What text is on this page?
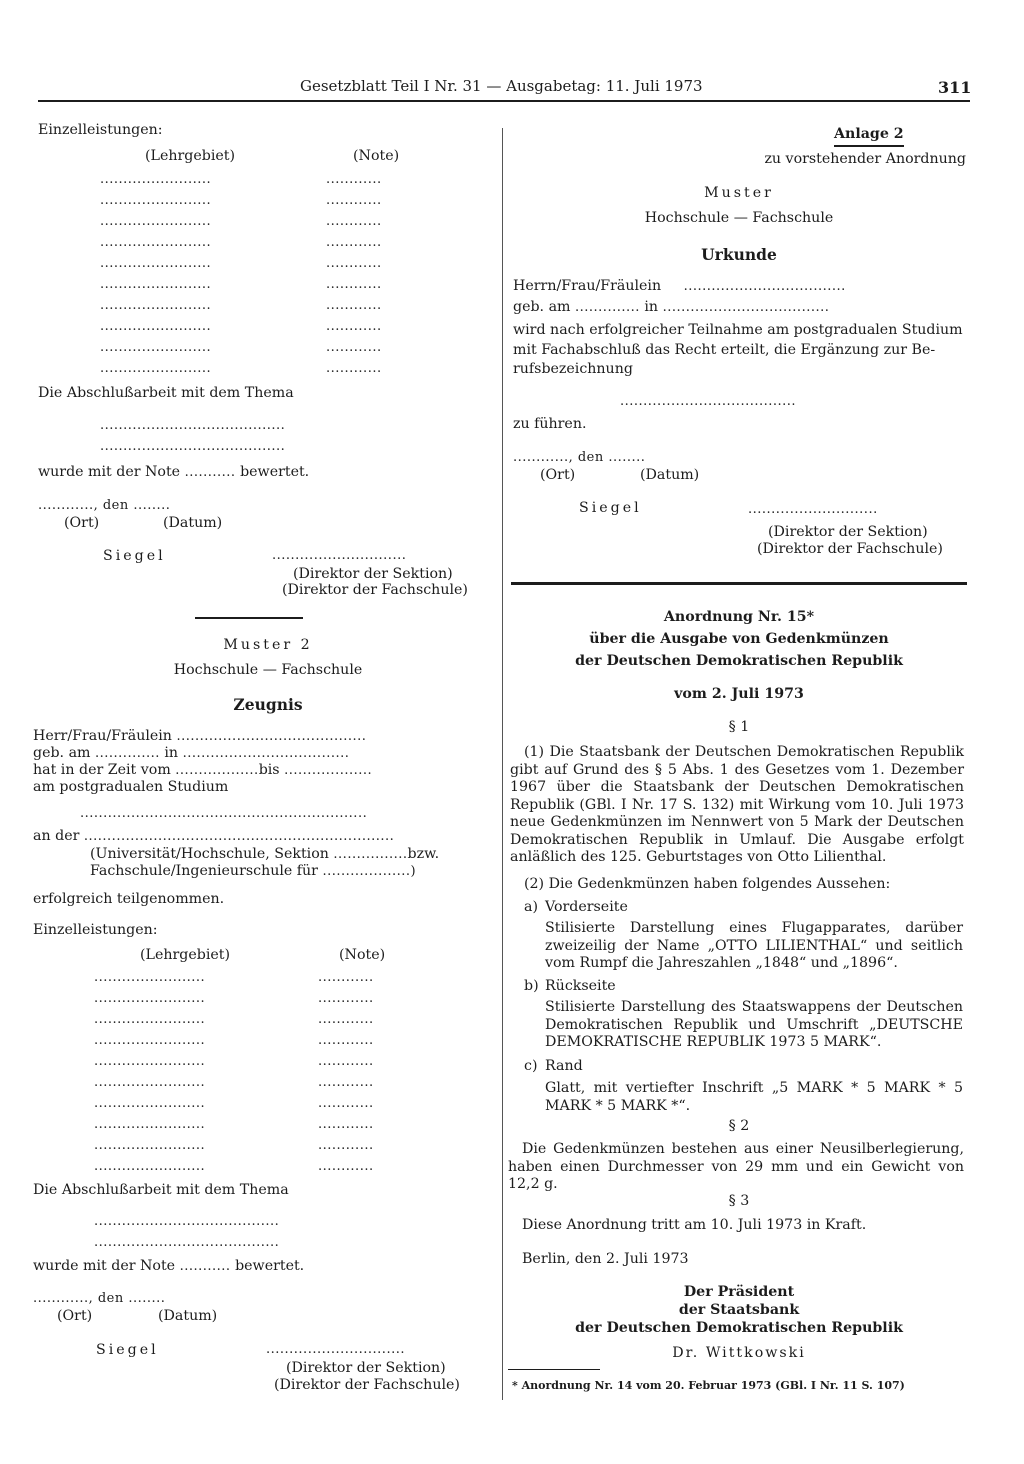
Gesetzblatt Teil I Nr. 31 — Ausgabetag: 11. Juli 1973	311
Einzelleistungen:
(Lehrgebiet)	(Note)
........................	............
........................	............
........................	............
........................	............
........................	............
........................	............
........................	............
........................	............
........................	............
........................	............
Die Abschlußarbeit mit dem Thema
........................................
........................................
wurde mit der Note ........... bewertet.
............, den ........
(Ort)	(Datum)
Siegel	.............................
(Direktor der Sektion)
(Direktor der Fachschule)
Muster 2
Hochschule — Fachschule
Zeugnis
Herr/Frau/Fräulein .........................................
geb. am .............. in ....................................
hat in der Zeit vom ..................bis ...................
am postgradualen Studium
..............................................................
an der ...................................................................
(Universität/Hochschule, Sektion ................bzw.
Fachschule/Ingenieurschule für ...................)
erfolgreich teilgenommen.
Einzelleistungen:
(Lehrgebiet)	(Note)
........................	............
........................	............
........................	............
........................	............
........................	............
........................	............
........................	............
........................	............
........................	............
........................	............
Die Abschlußarbeit mit dem Thema
........................................
........................................
wurde mit der Note ........... bewertet.
............, den ........
(Ort)	(Datum)
Siegel	..............................
(Direktor der Sektion)
(Direktor der Fachschule)
Anlage 2
zu vorstehender Anordnung
Muster
Hochschule — Fachschule
Urkunde
Herrn/Frau/Fräulein ...................................
geb. am .............. in ....................................
wird nach erfolgreicher Teilnahme am postgradualen Studium
mit Fachabschluß das Recht erteilt, die Ergänzung zur Be-
rufsbezeichnung
......................................
zu führen.
............, den ........
(Ort)	(Datum)
Siegel	............................
(Direktor der Sektion)
(Direktor der Fachschule)
Anordnung Nr. 15*
über die Ausgabe von Gedenkmünzen
der Deutschen Demokratischen Republik
vom 2. Juli 1973
§ 1
(1) Die Staatsbank der Deutschen Demokratischen Republik gibt auf Grund des § 5 Abs. 1 des Gesetzes vom 1. Dezember 1967 über die Staatsbank der Deutschen Demokratischen Republik (GBl. I Nr. 17 S. 132) mit Wirkung vom 10. Juli 1973 neue Gedenkmünzen im Nennwert von 5 Mark der Deutschen Demokratischen Republik in Umlauf. Die Ausgabe erfolgt anläßlich des 125. Geburtstages von Otto Lilienthal.
(2) Die Gedenkmünzen haben folgendes Aussehen:
a) Vorderseite
Stilisierte Darstellung eines Flugapparates, darüber zweizeilig der Name „OTTO LILIENTHAL“ und seitlich vom Rumpf die Jahreszahlen „1848“ und „1896“.
b) Rückseite
Stilisierte Darstellung des Staatswappens der Deutschen Demokratischen Republik und Umschrift „DEUTSCHE DEMOKRATISCHE REPUBLIK 1973 5 MARK“.
c) Rand
Glatt, mit vertiefter Inschrift „5 MARK * 5 MARK * 5 MARK * 5 MARK *“.
§ 2
Die Gedenkmünzen bestehen aus einer Neusilberlegierung, haben einen Durchmesser von 29 mm und ein Gewicht von 12,2 g.
§ 3
Diese Anordnung tritt am 10. Juli 1973 in Kraft.
Berlin, den 2. Juli 1973
Der Präsident
der Staatsbank
der Deutschen Demokratischen Republik
Dr. Wittkowski
* Anordnung Nr. 14 vom 20. Februar 1973 (GBl. I Nr. 11 S. 107)
